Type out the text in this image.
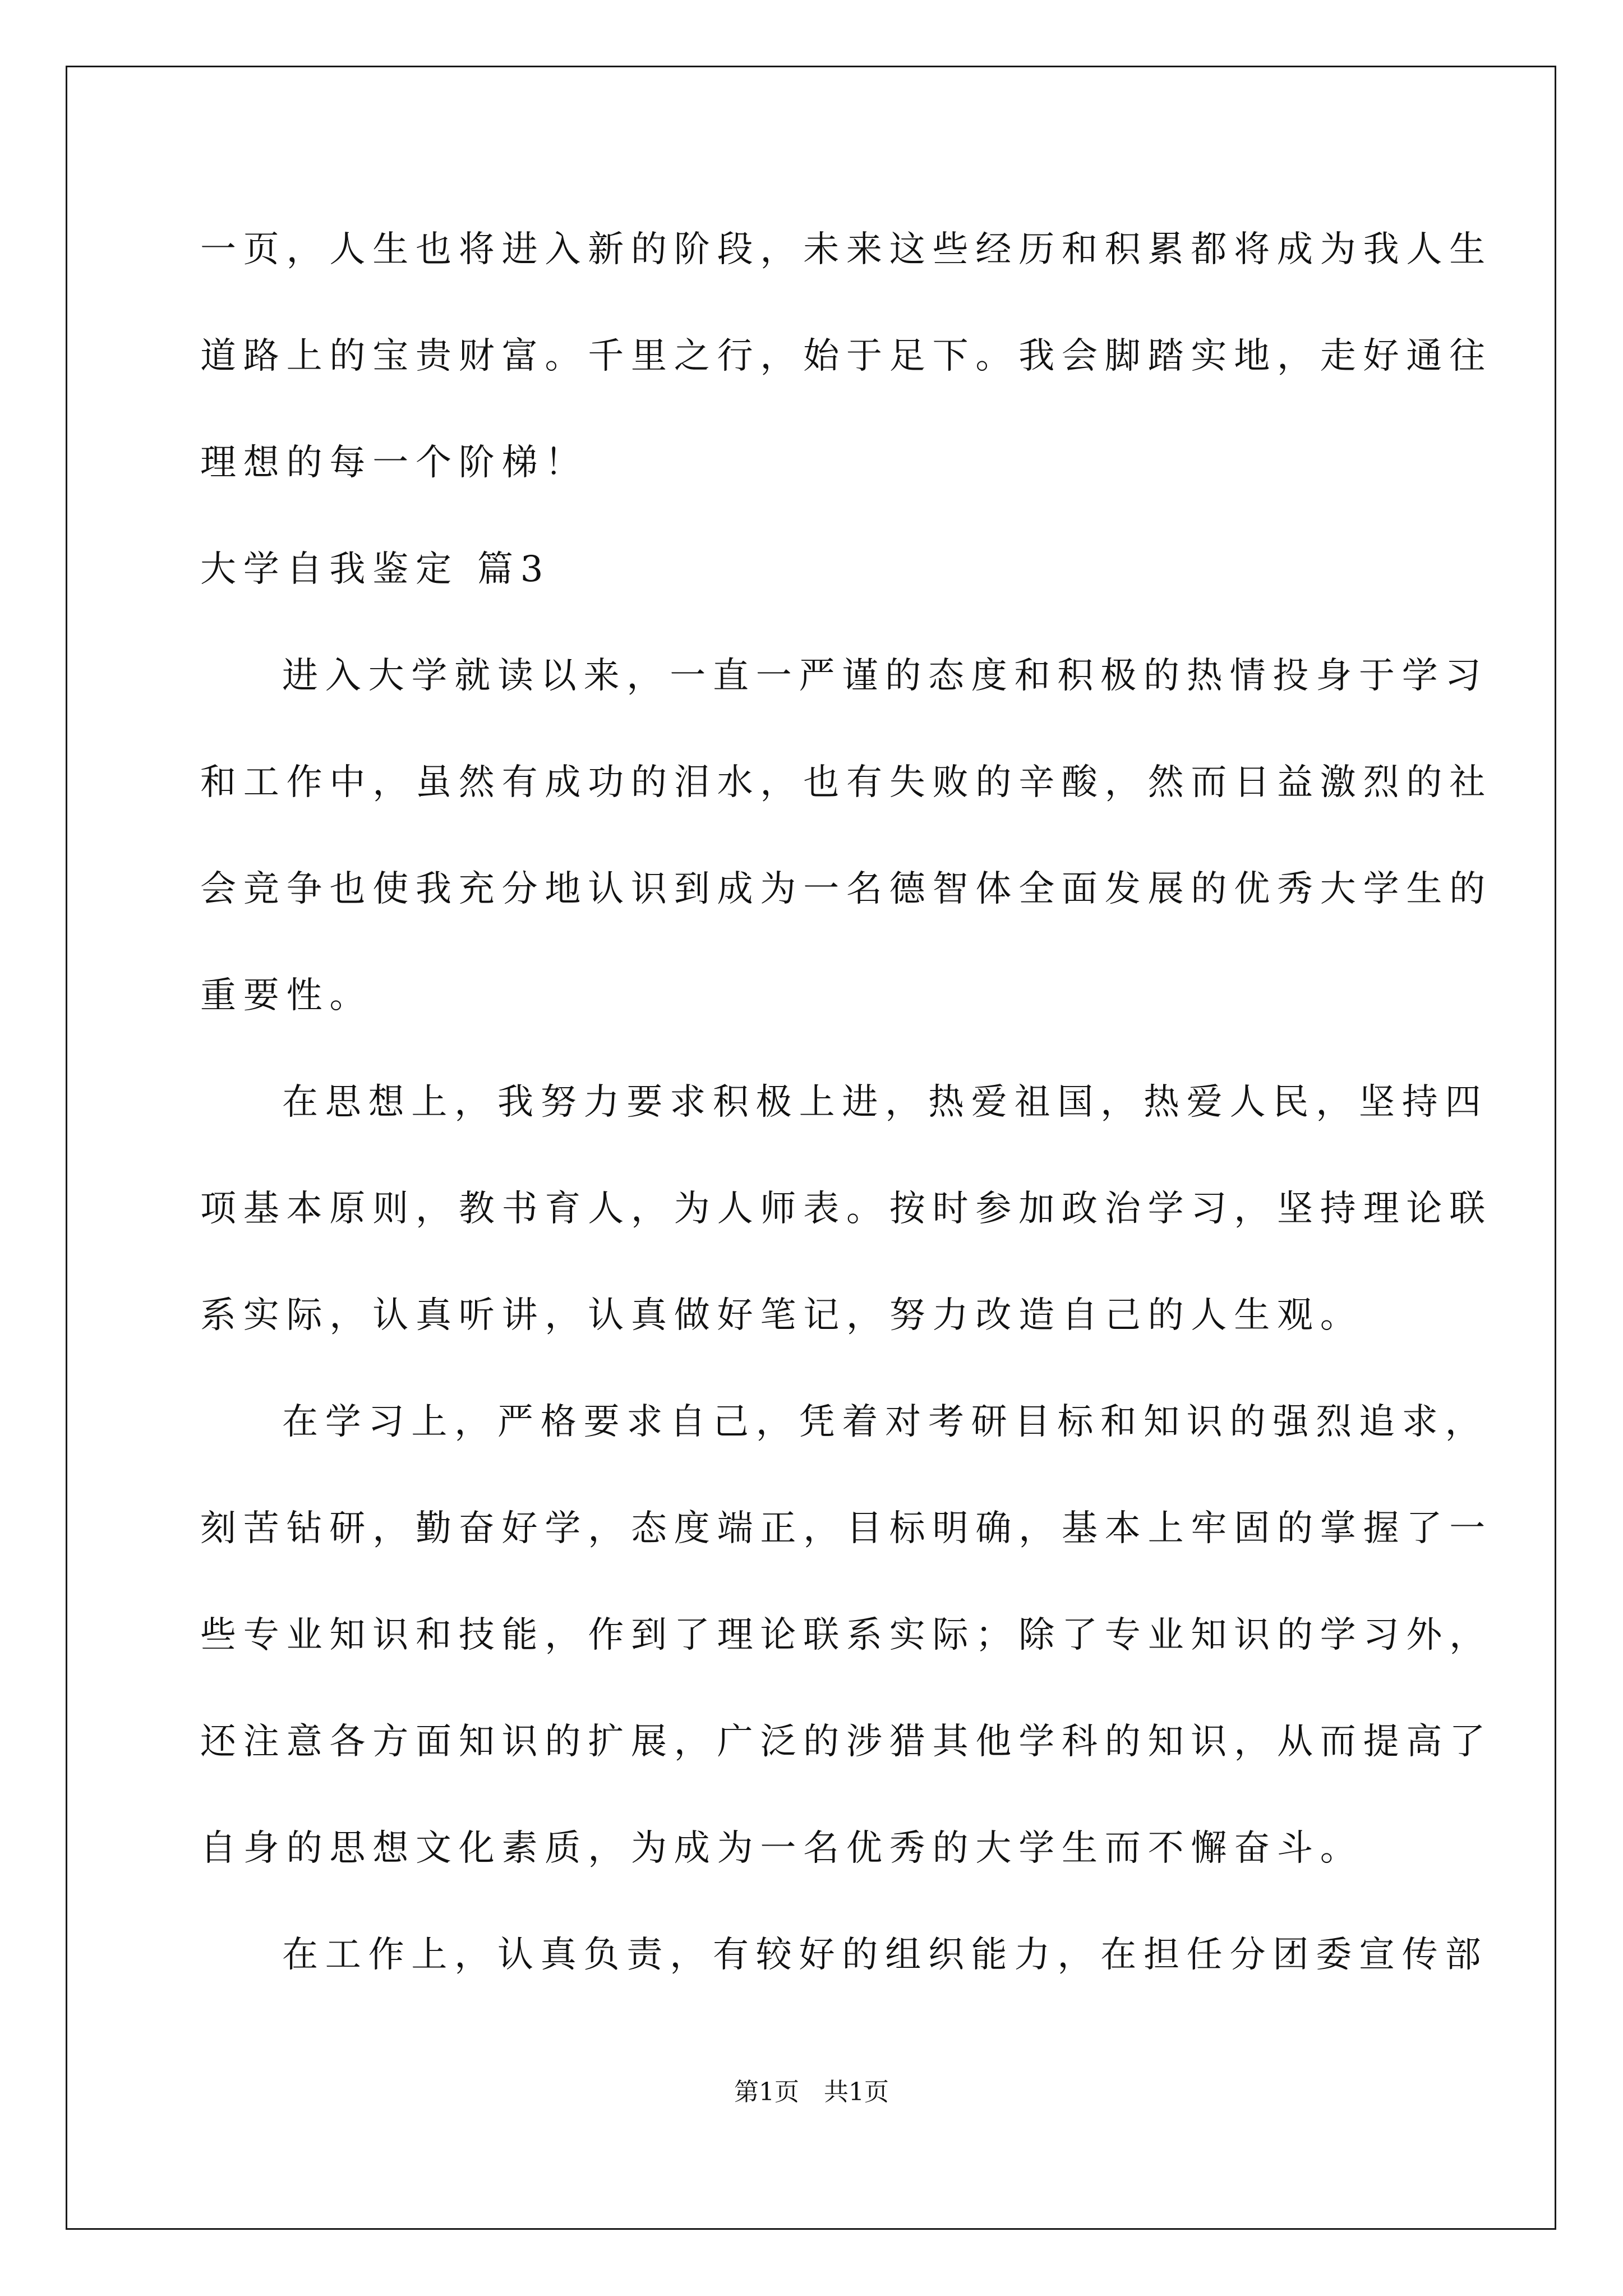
一页，人生也将进入新的阶段，未来这些经历和积累都将成为我人生
道路上的宝贵财富。千里之行，始于足下。我会脚踏实地，走好通往
理想的每一个阶梯！
大学自我鉴定 篇3
进入大学就读以来，一直一严谨的态度和积极的热情投身于学习
和工作中，虽然有成功的泪水，也有失败的辛酸，然而日益激烈的社
会竞争也使我充分地认识到成为一名德智体全面发展的优秀大学生的
重要性。
在思想上，我努力要求积极上进，热爱祖国，热爱人民，坚持四
项基本原则，教书育人，为人师表。按时参加政治学习，坚持理论联
系实际，认真听讲，认真做好笔记，努力改造自己的人生观。
在学习上，严格要求自己，凭着对考研目标和知识的强烈追求，
刻苦钻研，勤奋好学，态度端正，目标明确，基本上牢固的掌握了一
些专业知识和技能，作到了理论联系实际；除了专业知识的学习外，
还注意各方面知识的扩展，广泛的涉猎其他学科的知识，从而提高了
自身的思想文化素质，为成为一名优秀的大学生而不懈奋斗。
在工作上，认真负责，有较好的组织能力，在担任分团委宣传部
第1页　共1页
